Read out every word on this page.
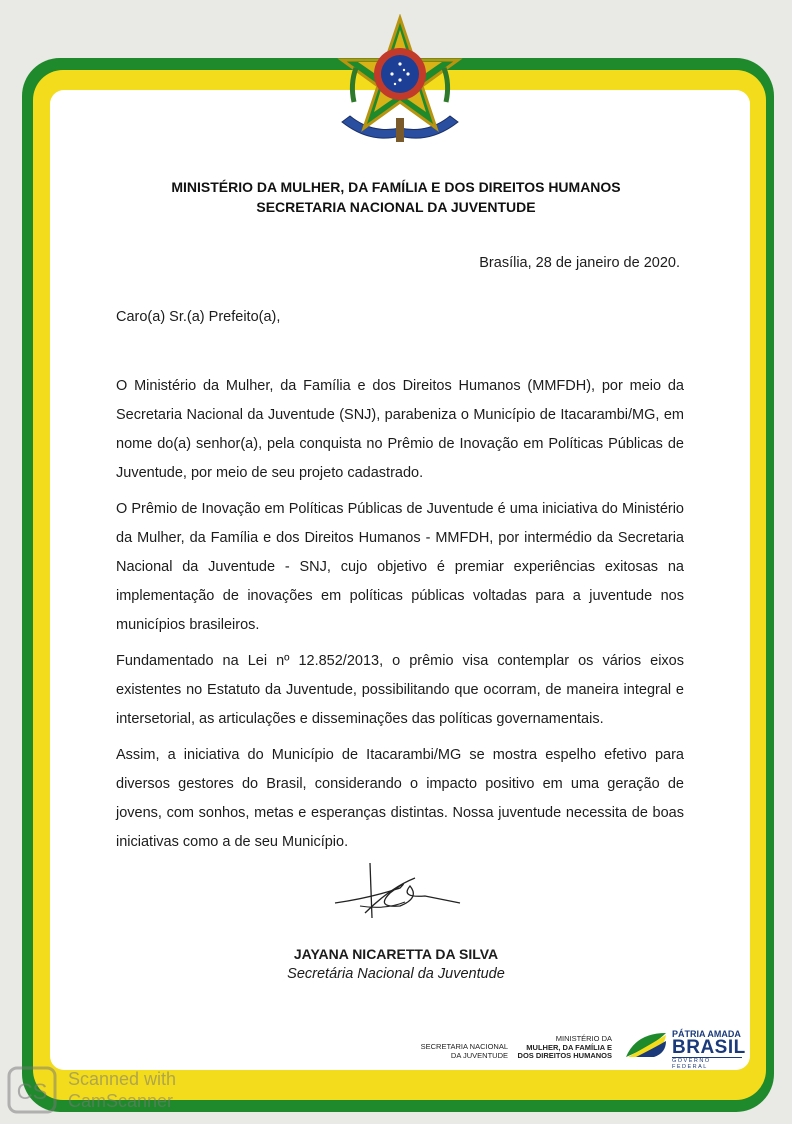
MINISTÉRIO DA MULHER, DA FAMÍLIA E DOS DIREITOS HUMANOS
SECRETARIA NACIONAL DA JUVENTUDE
Brasília, 28 de janeiro de 2020.
Caro(a) Sr.(a) Prefeito(a),

O Ministério da Mulher, da Família e dos Direitos Humanos (MMFDH), por meio da Secretaria Nacional da Juventude (SNJ), parabeniza o Município de Itacarambi/MG, em nome do(a) senhor(a), pela conquista no Prêmio de Inovação em Políticas Públicas de Juventude, por meio de seu projeto cadastrado.

O Prêmio de Inovação em Políticas Públicas de Juventude é uma iniciativa do Ministério da Mulher, da Família e dos Direitos Humanos - MMFDH, por intermédio da Secretaria Nacional da Juventude - SNJ, cujo objetivo é premiar experiências exitosas na implementação de inovações em políticas públicas voltadas para a juventude nos municípios brasileiros.

Fundamentado na Lei nº 12.852/2013, o prêmio visa contemplar os vários eixos existentes no Estatuto da Juventude, possibilitando que ocorram, de maneira integral e intersetorial, as articulações e disseminações das políticas governamentais.

Assim, a iniciativa do Município de Itacarambi/MG se mostra espelho efetivo para diversos gestores do Brasil, considerando o impacto positivo em uma geração de jovens, com sonhos, metas e esperanças distintas. Nossa juventude necessita de boas iniciativas como a de seu Município.

JAYANA NICARETTA DA SILVA
Secretária Nacional da Juventude
SECRETARIA NACIONAL
DA JUVENTUDE
MINISTÉRIO DA
MULHER, DA FAMÍLIA E
DOS DIREITOS HUMANOS
PÁTRIA AMADA
BRASIL
GOVERNO FEDERAL
CS Scanned with
CamScanner
